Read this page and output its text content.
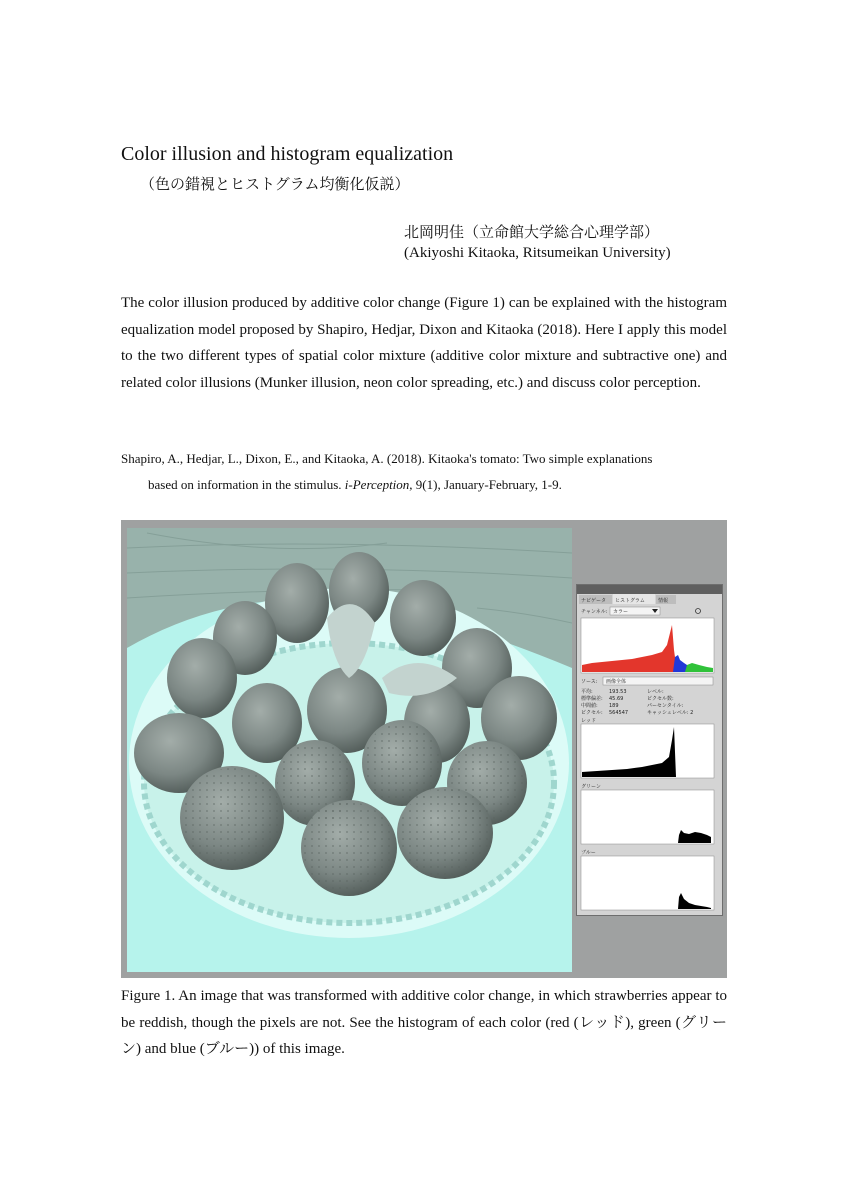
Color illusion and histogram equalization
（色の錯視とヒストグラム均衡化仮説）
北岡明佳（立命館大学総合心理学部）
(Akiyoshi Kitaoka, Ritsumeikan University)
The color illusion produced by additive color change (Figure 1) can be explained with the histogram equalization model proposed by Shapiro, Hedjar, Dixon and Kitaoka (2018). Here I apply this model to the two different types of spatial color mixture (additive color mixture and subtractive one) and related color illusions (Munker illusion, neon color spreading, etc.) and discuss color perception.
Shapiro, A., Hedjar, L., Dixon, E., and Kitaoka, A. (2018). Kitaoka's tomato: Two simple explanations
based on information in the stimulus. i-Perception, 9(1), January-February, 1-9.
ナビゲータ ヒストグラム	情報
チャンネル: カラー
ソース: 画像全体
平均:	193.53
標準偏差: 45.69
中間値: 189
ピクセル: 564547
レベル:
ピクセル数:
パーセンタイル:
キャッシュレベル: 2
レッド
グリーン
ブルー
Figure 1. An image that was transformed with additive color change, in which strawberries appear to be reddish, though the pixels are not. See the histogram of each color (red (レッド), green (グリーン) and blue (ブルー)) of this image.
